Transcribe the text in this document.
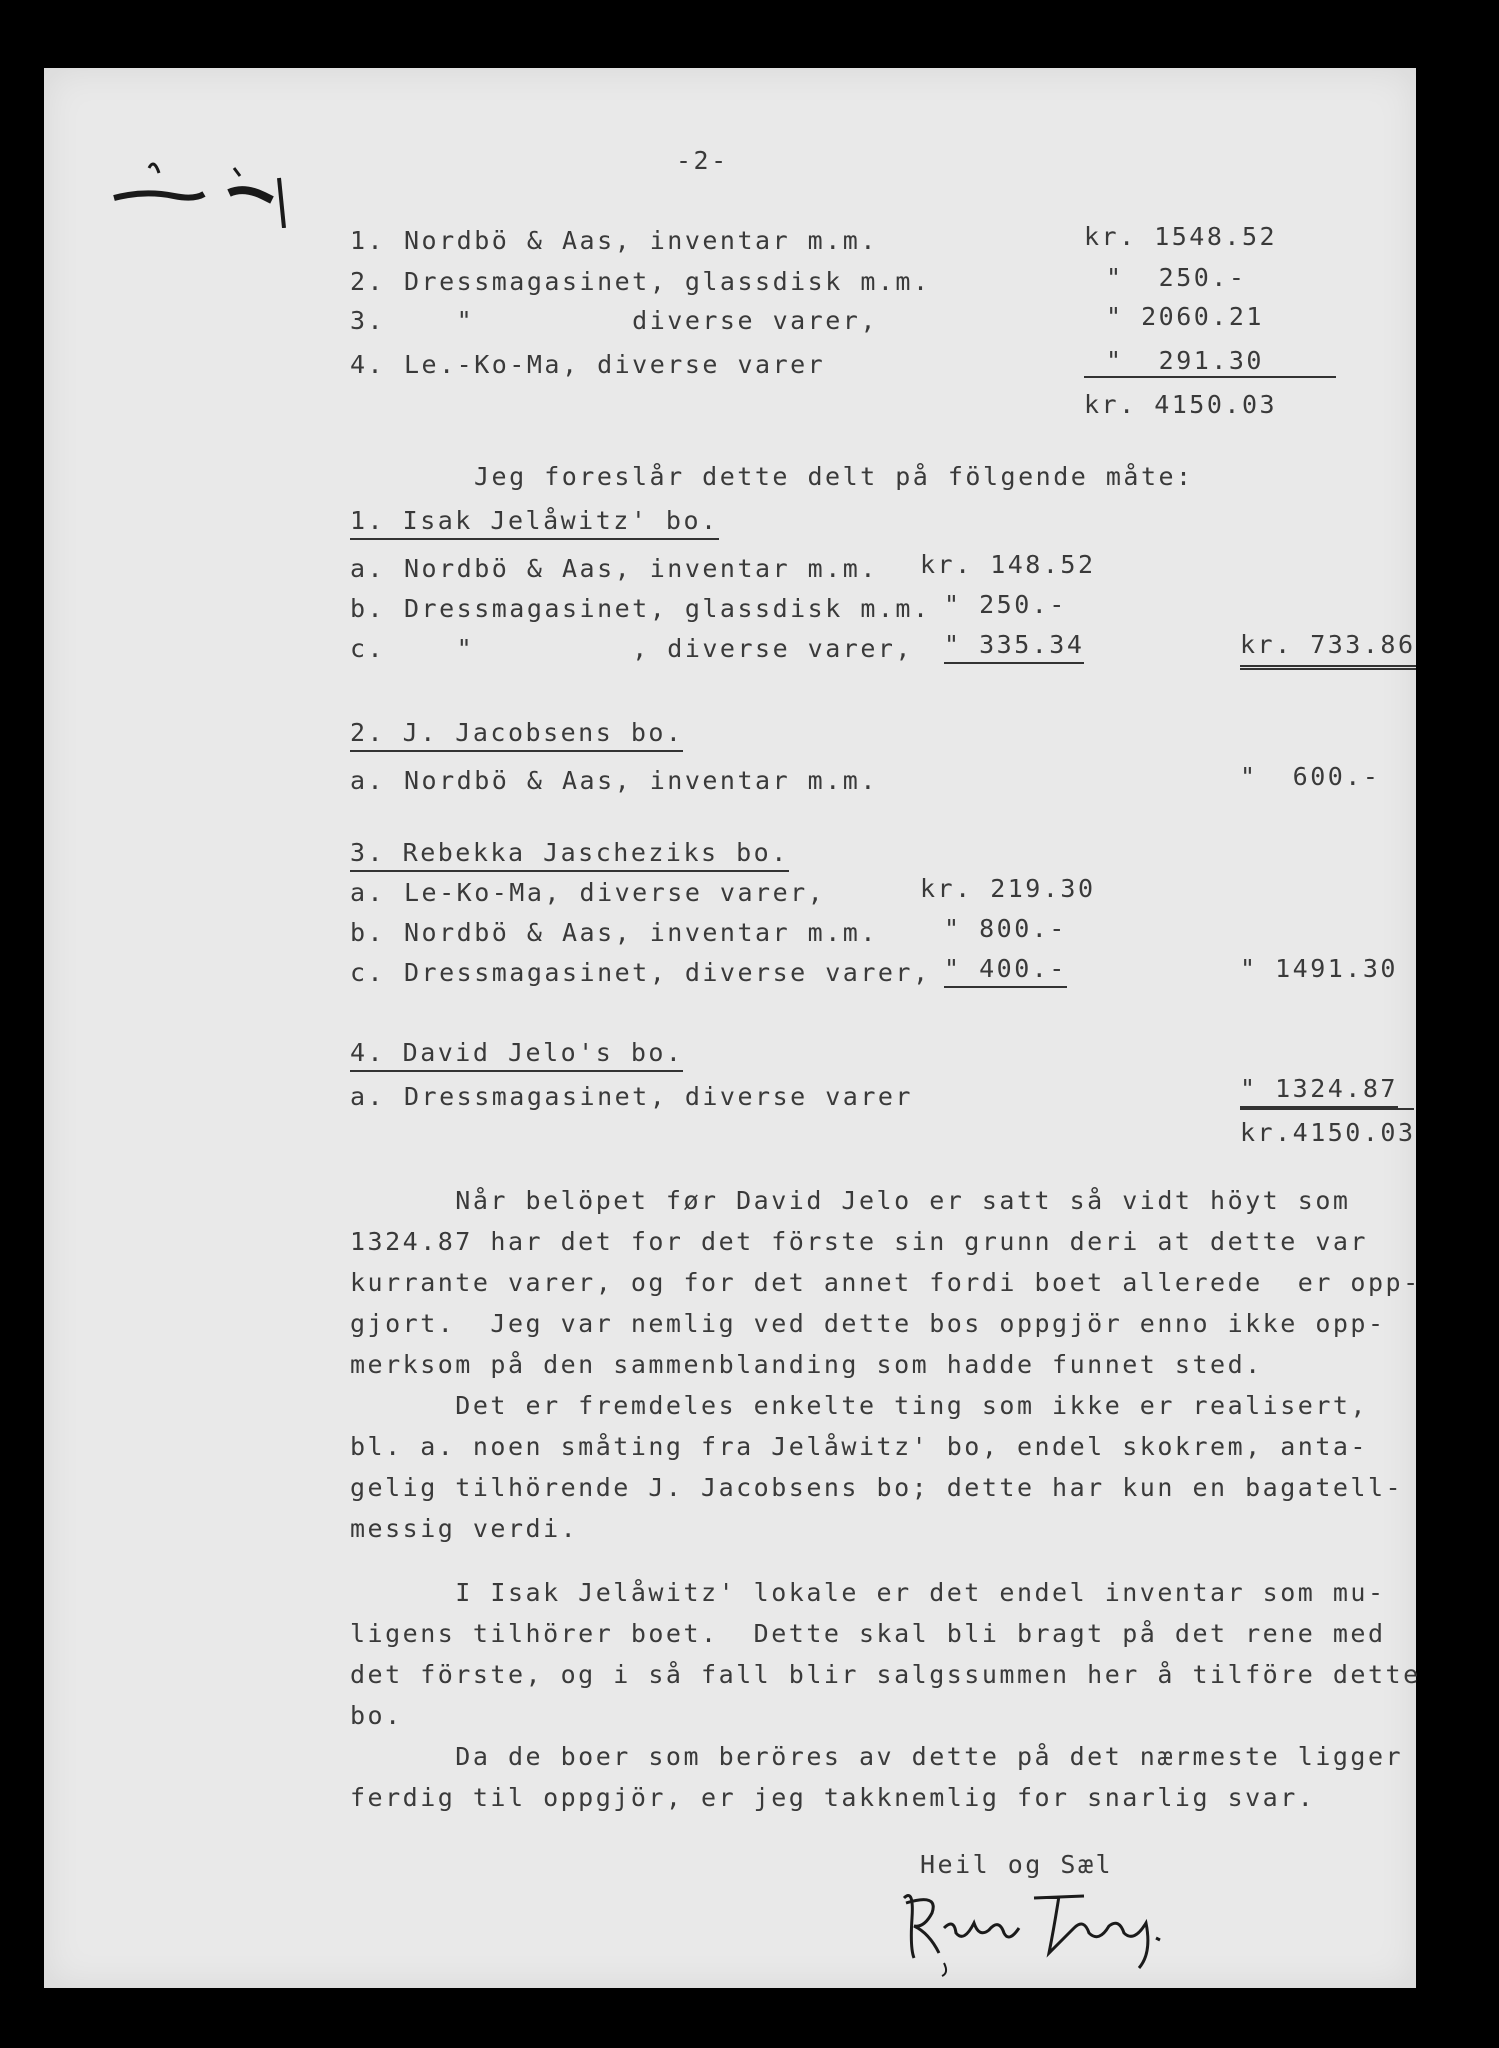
-2-
1. Nordbö & Aas, inventar m.m.	kr. 1548.52
2. Dressmagasinet, glassdisk m.m.	"  250.-
3. "         diverse varer,	" 2060.21
4. Le.-Ko-Ma, diverse varer	"  291.30
kr. 4150.03
Jeg foreslår dette delt på fölgende måte:
1. Isak Jelåwitz' bo.
a. Nordbö & Aas, inventar m.m. kr. 148.52
b. Dressmagasinet, glassdisk m.m. " 250.-
c. "         , diverse varer, " 335.34	kr. 733.86
2. J. Jacobsens bo.
a. Nordbö & Aas, inventar m.m.	"  600.-
3. Rebekka Jascheziks bo.
a. Le-Ko-Ma, diverse varer,	kr. 219.30
b. Nordbö & Aas, inventar m.m.	" 800.-
c. Dressmagasinet, diverse varer, " 400.-	" 1491.30
4. David Jelo's bo.
a. Dressmagasinet, diverse varer	" 1324.87
kr.4150.03
Når belöpet før David Jelo er satt så vidt höyt som
1324.87 har det for det förste sin grunn deri at dette var
kurrante varer, og for det annet fordi boet allerede  er opp-
gjort.  Jeg var nemlig ved dette bos oppgjör enno ikke opp-
merksom på den sammenblanding som hadde funnet sted.
Det er fremdeles enkelte ting som ikke er realisert,
bl. a. noen småting fra Jelåwitz' bo, endel skokrem, anta-
gelig tilhörende J. Jacobsens bo; dette har kun en bagatell-
messig verdi.
I Isak Jelåwitz' lokale er det endel inventar som mu-
ligens tilhörer boet.  Dette skal bli bragt på det rene med
det förste, og i så fall blir salgssummen her å tilföre dette
bo.
Da de boer som beröres av dette på det nærmeste ligger
ferdig til oppgjör, er jeg takknemlig for snarlig svar.
Heil og Sæl
